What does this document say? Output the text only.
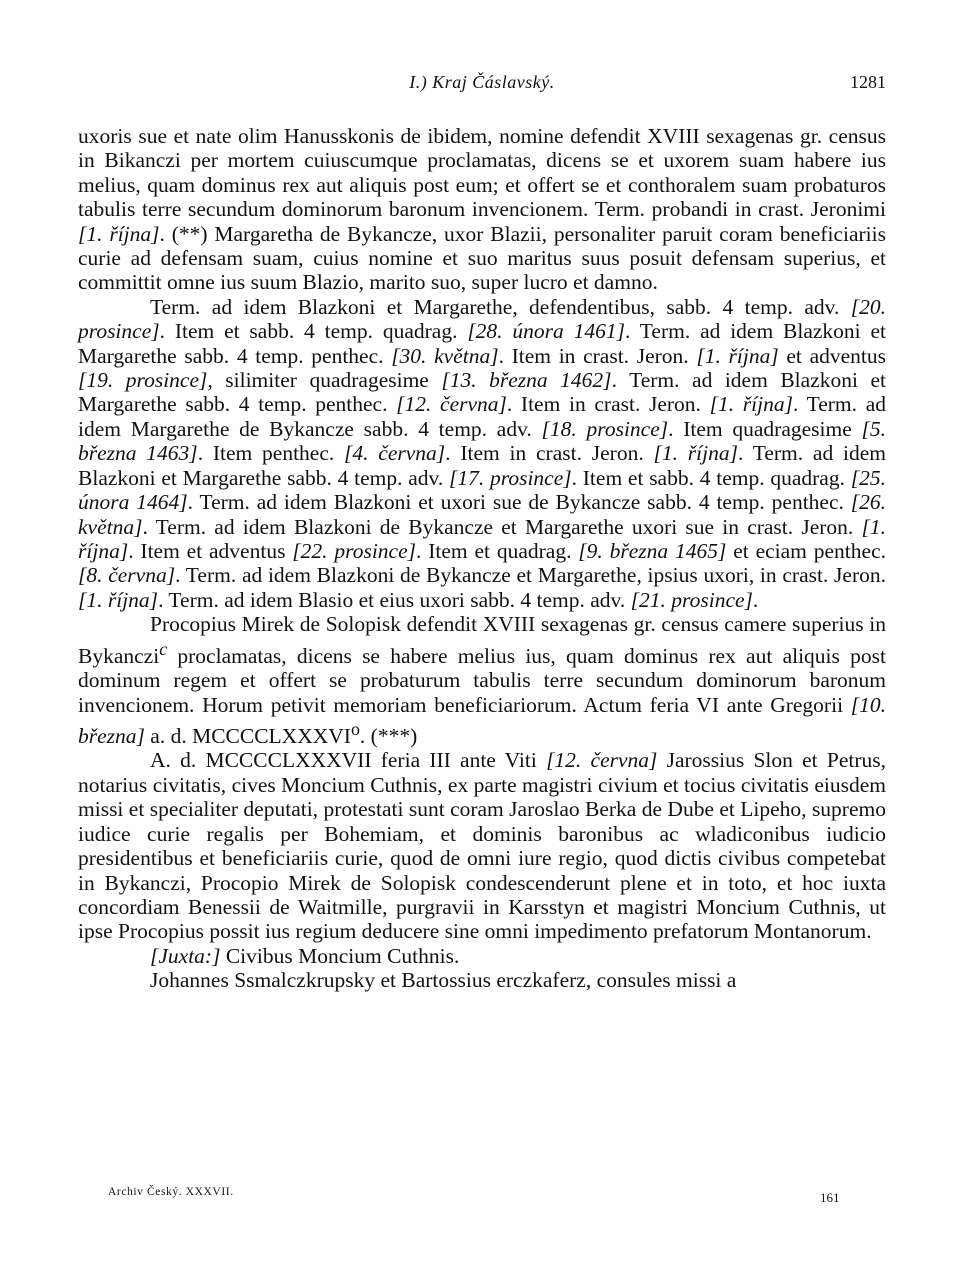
I.) Kraj Čáslavský.	1281

uxoris sue et nate olim Hanusskonis de ibidem, nomine defendit XVIII sexagenas gr. census in Bikanczi per mortem cuiuscumque proclamatas, dicens se et uxorem suam habere ius melius, quam dominus rex aut aliquis post eum; et offert se et conthoralem suam probaturos tabulis terre secundum dominorum baronum invencionem. Term. probandi in crast. Jeronimi [1. října]. (**) Margaretha de Bykancze, uxor Blazii, personaliter paruit coram beneficiariis curie ad defensam suam, cuius nomine et suo maritus suus posuit defensam superius, et committit omne ius suum Blazio, marito suo, super lucro et damno.

Term. ad idem Blazkoni et Margarethe, defendentibus, sabb. 4 temp. adv. [20. prosince]. Item et sabb. 4 temp. quadrag. [28. února 1461]. Term. ad idem Blazkoni et Margarethe sabb. 4 temp. penthec. [30. května]. Item in crast. Jeron. [1. října] et adventus [19. prosince], silimiter quadragesime [13. března 1462]. Term. ad idem Blazkoni et Margarethe sabb. 4 temp. penthec. [12. června]. Item in crast. Jeron. [1. října]. Term. ad idem Margarethe de Bykancze sabb. 4 temp. adv. [18. prosince]. Item quadragesime [5. března 1463]. Item penthec. [4. června]. Item in crast. Jeron. [1. října]. Term. ad idem Blazkoni et Margarethe sabb. 4 temp. adv. [17. prosince]. Item et sabb. 4 temp. quadrag. [25. února 1464]. Term. ad idem Blazkoni et uxori sue de Bykancze sabb. 4 temp. penthec. [26. května]. Term. ad idem Blazkoni de Bykancze et Margarethe uxori sue in crast. Jeron. [1. října]. Item et adventus [22. prosince]. Item et quadrag. [9. března 1465] et eciam penthec. [8. června]. Term. ad idem Blazkoni de Bykancze et Margarethe, ipsius uxori, in crast. Jeron. [1. října]. Term. ad idem Blasio et eius uxori sabb. 4 temp. adv. [21. prosince].

Procopius Mirek de Solopisk defendit XVIII sexagenas gr. census camere superius in Bykanczi$^c$ proclamatas, dicens se habere melius ius, quam dominus rex aut aliquis post dominum regem et offert se probaturum tabulis terre secundum dominorum baronum invencionem. Horum petivit memoriam beneficiariorum. Actum feria VI ante Gregorii [10. března] a. d. MCCCCLXXXVI$^o$. (***)

A. d. MCCCCLXXXVII feria III ante Viti [12. června] Jarossius Slon et Petrus, notarius civitatis, cives Moncium Cuthnis, ex parte magistri civium et tocius civitatis eiusdem missi et specialiter deputati, protestati sunt coram Jaroslao Berka de Dube et Lipeho, supremo iudice curie regalis per Bohemiam, et dominis baronibus ac wladiconibus iudicio presidentibus et beneficiariis curie, quod de omni iure regio, quod dictis civibus competebat in Bykanczi, Procopio Mirek de Solopisk condescenderunt plene et in toto, et hoc iuxta concordiam Benessii de Waitmille, purgravii in Karsstyn et magistri Moncium Cuthnis, ut ipse Procopius possit ius regium deducere sine omni impedimento prefatorum Montanorum.

[Juxta:] Civibus Moncium Cuthnis.

Johannes Ssmalczkrupsky et Bartossius erczkaferz, consules missi a

Archiv Český. XXXVII.	161
